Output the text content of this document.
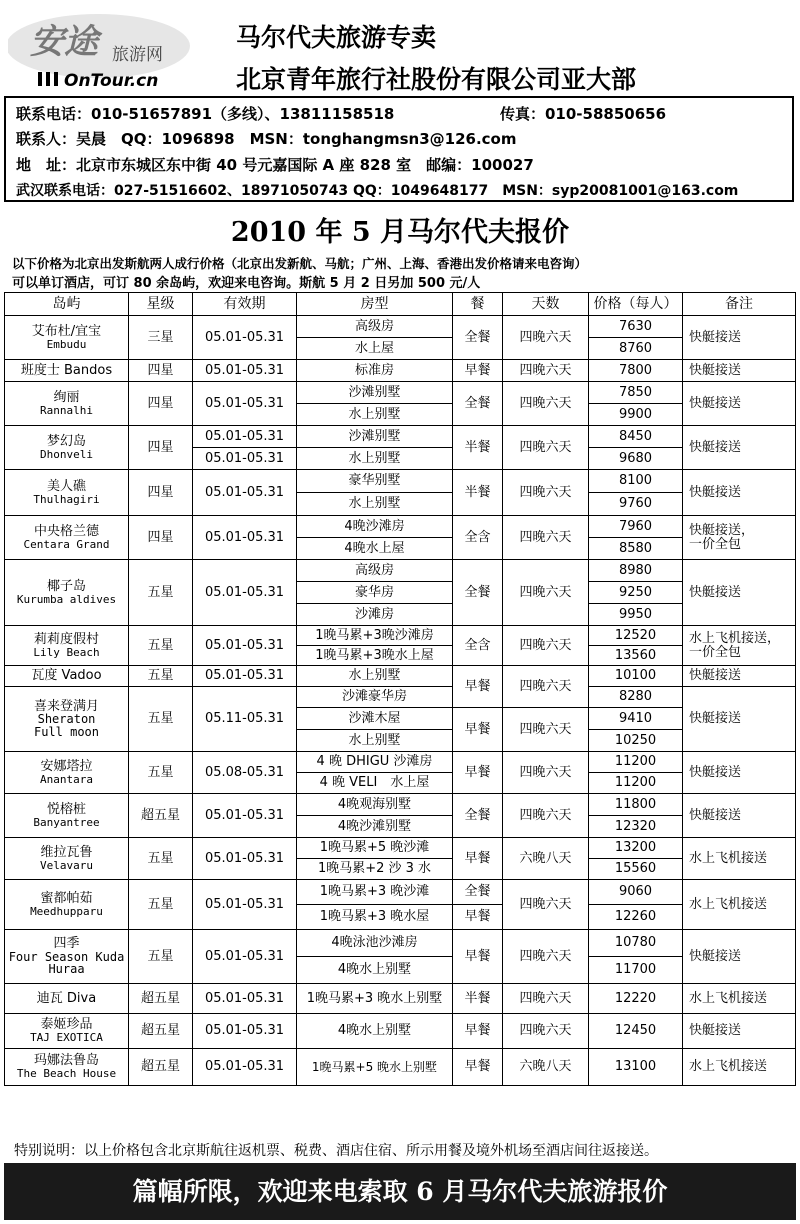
安途 旅游网
OnTour.cn
马尔代夫旅游专卖
北京青年旅行社股份有限公司亚大部
联系电话：010-51657891（多线）、13811158518	传真：010-58850656
联系人：吴晨　QQ：1096898　MSN：tonghangmsn3@126.com
地　址：北京市东城区东中街 40 号元嘉国际 A 座 828 室　邮编：100027
武汉联系电话：027-51516602、18971050743 QQ：1049648177　MSN：syp20081001@163.com
2010 年 5 月马尔代夫报价
以下价格为北京出发斯航两人成行价格（北京出发新航、马航；广州、上海、香港出发价格请来电咨询）
可以单订酒店，可订 80 余岛屿，欢迎来电咨询。斯航 5 月 2 日另加 500 元/人
岛屿	星级	有效期	房型	餐	天数	价格（每人）	备注
艾布杜/宜宝
Embudu	三星	05.01-05.31	高级房	全餐	四晚六天	7630	快艇接送
			水上屋			8760	
班度士 Bandos	四星	05.01-05.31	标准房	早餐	四晚六天	7800	快艇接送
绚丽
Rannalhi	四星	05.01-05.31	沙滩别墅	全餐	四晚六天	7850	快艇接送
			水上别墅			9900	
梦幻岛
Dhonveli	四星	05.01-05.31	沙滩别墅	半餐	四晚六天	8450	快艇接送
		05.01-05.31	水上别墅			9680	
美人礁
Thulhagiri	四星	05.01-05.31	豪华别墅	半餐	四晚六天	8100	快艇接送
			水上别墅			9760	
中央格兰德
Centara Grand	四星	05.01-05.31	4晚沙滩房	全含	四晚六天	7960	快艇接送，
一价全包

			4晚水上屋			8580	
椰子岛
Kurumba aldives	五星	05.01-05.31	高级房	全餐	四晚六天	8980	快艇接送
			豪华房			9250	
			沙滩房			9950	
莉莉度假村
Lily Beach	五星	05.01-05.31	1晚马累+3晚沙滩房	全含	四晚六天	12520	水上飞机接送，
一价全包

			1晚马累+3晚水上屋			13560	
瓦度 Vadoo	五星	05.01-05.31	水上别墅	早餐	四晚六天	10100	快艇接送
喜来登满月
Sheraton
Full moon	五星	05.11-05.31	沙滩豪华房			8280	快艇接送
			沙滩木屋	早餐	四晚六天	9410	
			水上别墅			10250	
安娜塔拉
Anantara	五星	05.08-05.31	4 晚 DHIGU 沙滩房	早餐	四晚六天	11200	快艇接送
			4 晚 VELI　水上屋			11200	
悦榕桩
Banyantree	超五星	05.01-05.31	4晚观海别墅	全餐	四晚六天	11800	快艇接送
			4晚沙滩别墅			12320	
维拉瓦鲁
Velavaru	五星	05.01-05.31	1晚马累+5 晚沙滩	早餐	六晚八天	13200	水上飞机接送
			1晚马累+2 沙 3 水			15560	
蜜都帕茹
Meedhupparu	五星	05.01-05.31	1晚马累+3 晚沙滩	全餐	四晚六天	9060	水上飞机接送
			1晚马累+3 晚水屋	早餐		12260	
四季
Four Season Kuda
Huraa	五星	05.01-05.31	4晚泳池沙滩房	早餐	四晚六天	10780	快艇接送
			4晚水上别墅			11700	
迪瓦 Diva	超五星	05.01-05.31	1晚马累+3 晚水上别墅	半餐	四晚六天	12220	水上飞机接送
泰姬珍品
TAJ EXOTICA	超五星	05.01-05.31	4晚水上别墅	早餐	四晚六天	12450	快艇接送
玛娜法鲁岛
The Beach House	超五星	05.01-05.31	1晚马累+5 晚水上别墅	早餐	六晚八天	13100	水上飞机接送
特别说明：以上价格包含北京斯航往返机票、税费、酒店住宿、所示用餐及境外机场至酒店间往返接送。
篇幅所限，欢迎来电索取 6 月马尔代夫旅游报价
